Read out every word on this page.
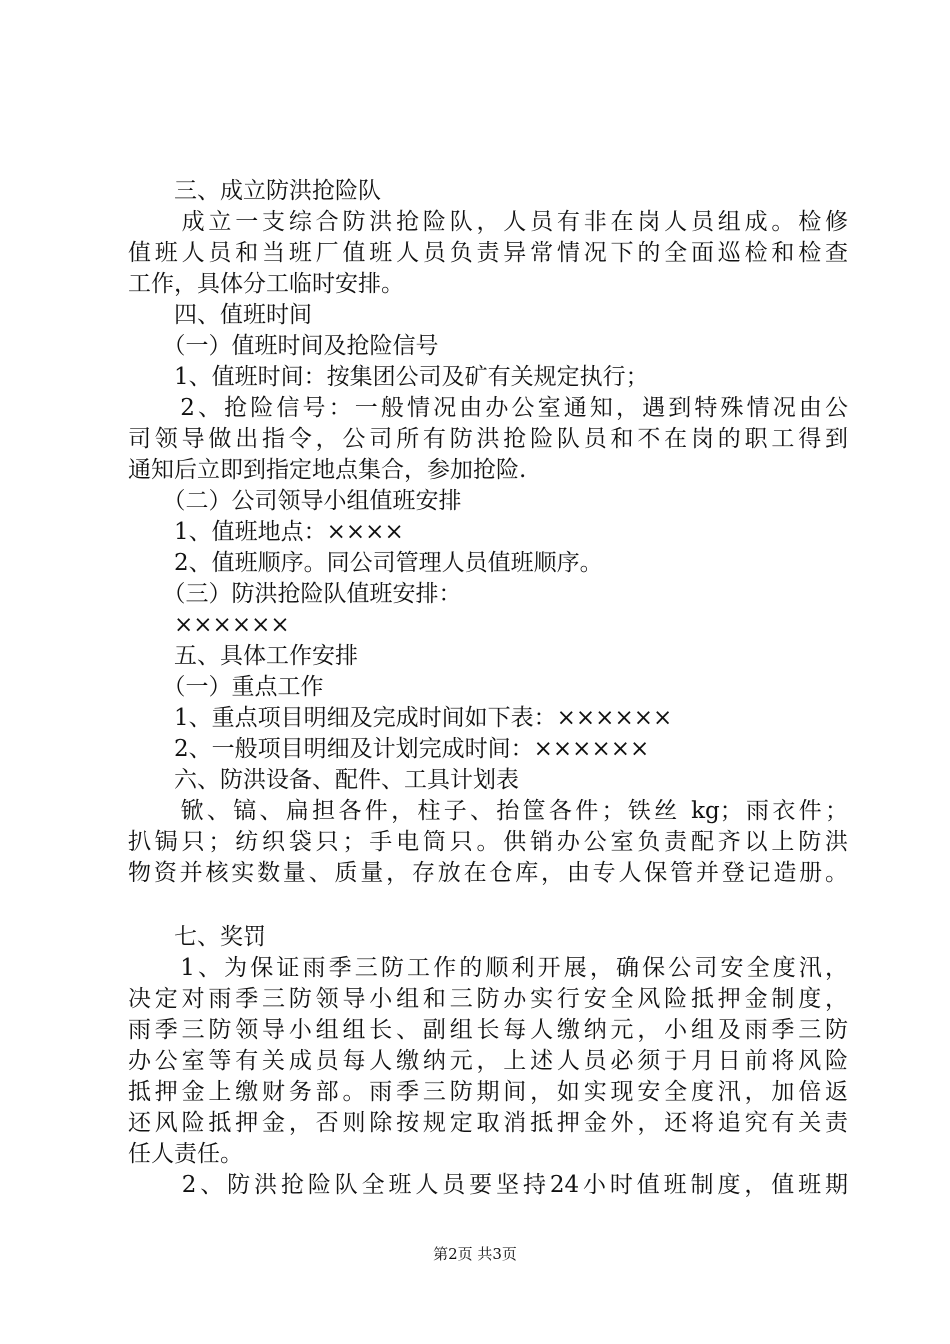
　　三、成立防洪抢险队
　　成立一支综合防洪抢险队，人员有非在岗人员组成。检修
值班人员和当班厂值班人员负责异常情况下的全面巡检和检查
工作，具体分工临时安排。
　　四、值班时间
　　（一）值班时间及抢险信号
　　1、值班时间：按集团公司及矿有关规定执行；
　　2、抢险信号：一般情况由办公室通知，遇到特殊情况由公
司领导做出指令，公司所有防洪抢险队员和不在岗的职工得到
通知后立即到指定地点集合，参加抢险.
　　（二）公司领导小组值班安排
　　1、值班地点：××××
　　2、值班顺序。同公司管理人员值班顺序。
　　（三）防洪抢险队值班安排：
　　××××××
　　五、具体工作安排
　　（一）重点工作
　　1、重点项目明细及完成时间如下表：××××××
　　2、一般项目明细及计划完成时间：××××××
　　六、防洪设备、配件、工具计划表
　　锨、镐、扁担各件，柱子、抬筐各件；铁丝 kg；雨衣件；
扒锔只；纺织袋只；手电筒只。供销办公室负责配齐以上防洪
物资并核实数量、质量，存放在仓库，由专人保管并登记造册。
　　七、奖罚
　　1、为保证雨季三防工作的顺利开展，确保公司安全度汛，
决定对雨季三防领导小组和三防办实行安全风险抵押金制度，
雨季三防领导小组组长、副组长每人缴纳元，小组及雨季三防
办公室等有关成员每人缴纳元，上述人员必须于月日前将风险
抵押金上缴财务部。雨季三防期间，如实现安全度汛，加倍返
还风险抵押金，否则除按规定取消抵押金外，还将追究有关责
任人责任。
　　2、防洪抢险队全班人员要坚持24小时值班制度，值班期
第2页 共3页
